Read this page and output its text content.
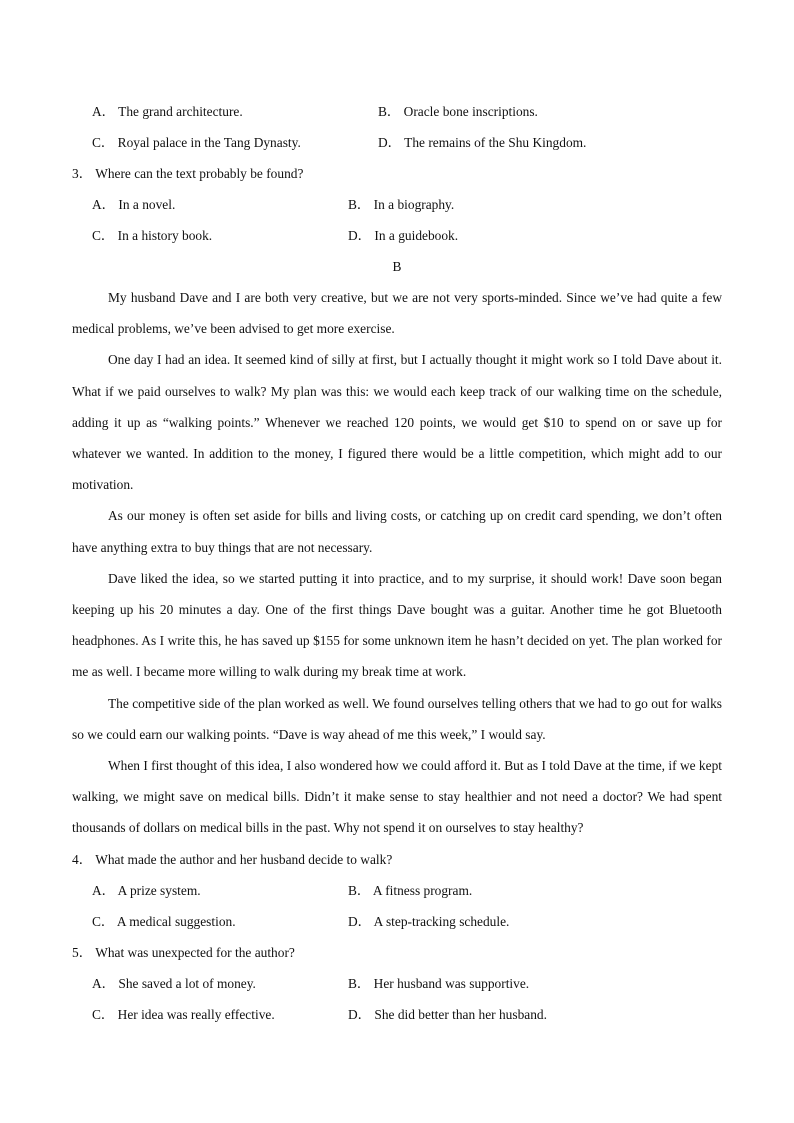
A． The grand architecture.	B． Oracle bone inscriptions.
C． Royal palace in the Tang Dynasty.	D． The remains of the Shu Kingdom.
3． Where can the text probably be found?
A． In a novel.	B． In a biography.
C． In a history book.	D． In a guidebook.
B

My husband Dave and I are both very creative, but we are not very sports-minded. Since we’ve had quite a few medical problems, we’ve been advised to get more exercise.

One day I had an idea. It seemed kind of silly at first, but I actually thought it might work so I told Dave about it. What if we paid ourselves to walk? My plan was this: we would each keep track of our walking time on the schedule, adding it up as “walking points.” Whenever we reached 120 points, we would get $10 to spend on or save up for whatever we wanted. In addition to the money, I figured there would be a little competition, which might add to our motivation.

As our money is often set aside for bills and living costs, or catching up on credit card spending, we don’t often have anything extra to buy things that are not necessary.

Dave liked the idea, so we started putting it into practice, and to my surprise, it should work! Dave soon began keeping up his 20 minutes a day. One of the first things Dave bought was a guitar. Another time he got Bluetooth headphones. As I write this, he has saved up $155 for some unknown item he hasn’t decided on yet. The plan worked for me as well. I became more willing to walk during my break time at work.

The competitive side of the plan worked as well. We found ourselves telling others that we had to go out for walks so we could earn our walking points. “Dave is way ahead of me this week,” I would say.

When I first thought of this idea, I also wondered how we could afford it. But as I told Dave at the time, if we kept walking, we might save on medical bills. Didn’t it make sense to stay healthier and not need a doctor? We had spent thousands of dollars on medical bills in the past. Why not spend it on ourselves to stay healthy?

4． What made the author and her husband decide to walk?
A． A prize system.	B． A fitness program.
C． A medical suggestion.	D． A step-tracking schedule.
5． What was unexpected for the author?
A． She saved a lot of money.	B． Her husband was supportive.
C． Her idea was really effective.	D． She did better than her husband.
